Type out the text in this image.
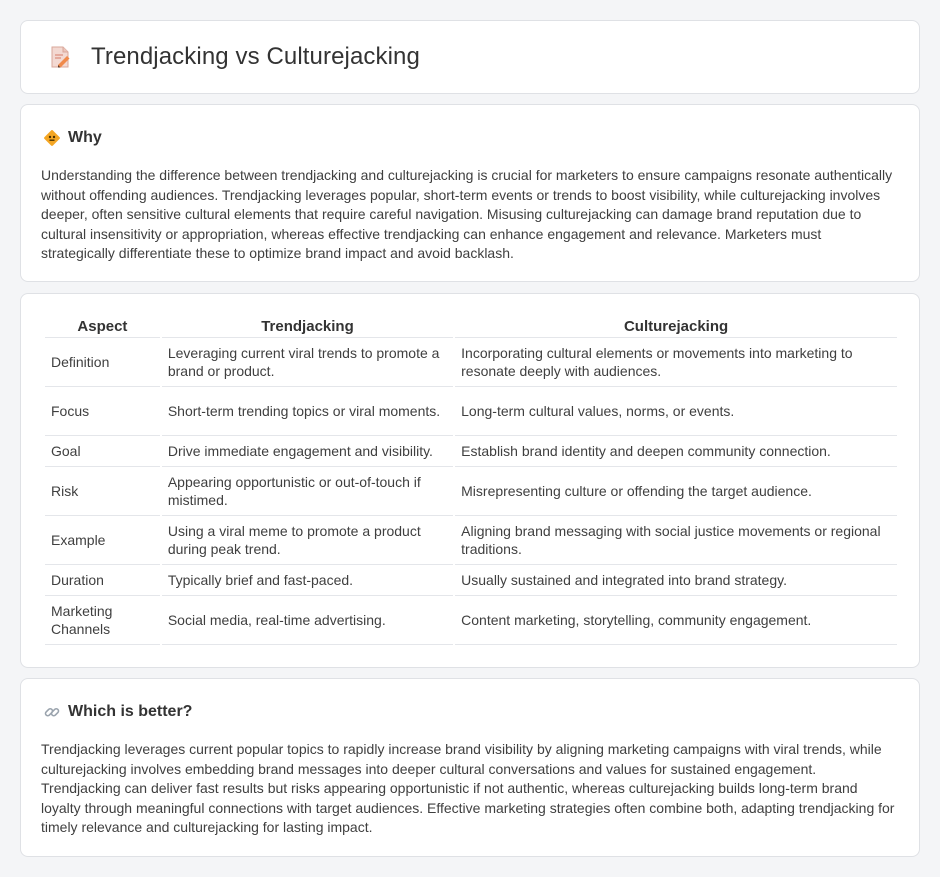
Trendjacking vs Culturejacking
Why

Understanding the difference between trendjacking and culturejacking is crucial for marketers to ensure campaigns resonate authentically without offending audiences. Trendjacking leverages popular, short-term events or trends to boost visibility, while culturejacking involves deeper, often sensitive cultural elements that require careful navigation. Misusing culturejacking can damage brand reputation due to cultural insensitivity or appropriation, whereas effective trendjacking can enhance engagement and relevance. Marketers must strategically differentiate these to optimize brand impact and avoid backlash.

Aspect	Trendjacking	Culturejacking
Definition	Leveraging current viral trends to promote a brand or product.	Incorporating cultural elements or movements into marketing to resonate deeply with audiences.
Focus	Short-term trending topics or viral moments.	Long-term cultural values, norms, or events.
Goal	Drive immediate engagement and visibility.	Establish brand identity and deepen community connection.
Risk	Appearing opportunistic or out-of-touch if mistimed.	Misrepresenting culture or offending the target audience.
Example	Using a viral meme to promote a product during peak trend.	Aligning brand messaging with social justice movements or regional traditions.
Duration	Typically brief and fast-paced.	Usually sustained and integrated into brand strategy.
Marketing Channels	Social media, real-time advertising.	Content marketing, storytelling, community engagement.
Which is better?

Trendjacking leverages current popular topics to rapidly increase brand visibility by aligning marketing campaigns with viral trends, while culturejacking involves embedding brand messages into deeper cultural conversations and values for sustained engagement. Trendjacking can deliver fast results but risks appearing opportunistic if not authentic, whereas culturejacking builds long-term brand loyalty through meaningful connections with target audiences. Effective marketing strategies often combine both, adapting trendjacking for timely relevance and culturejacking for lasting impact.
